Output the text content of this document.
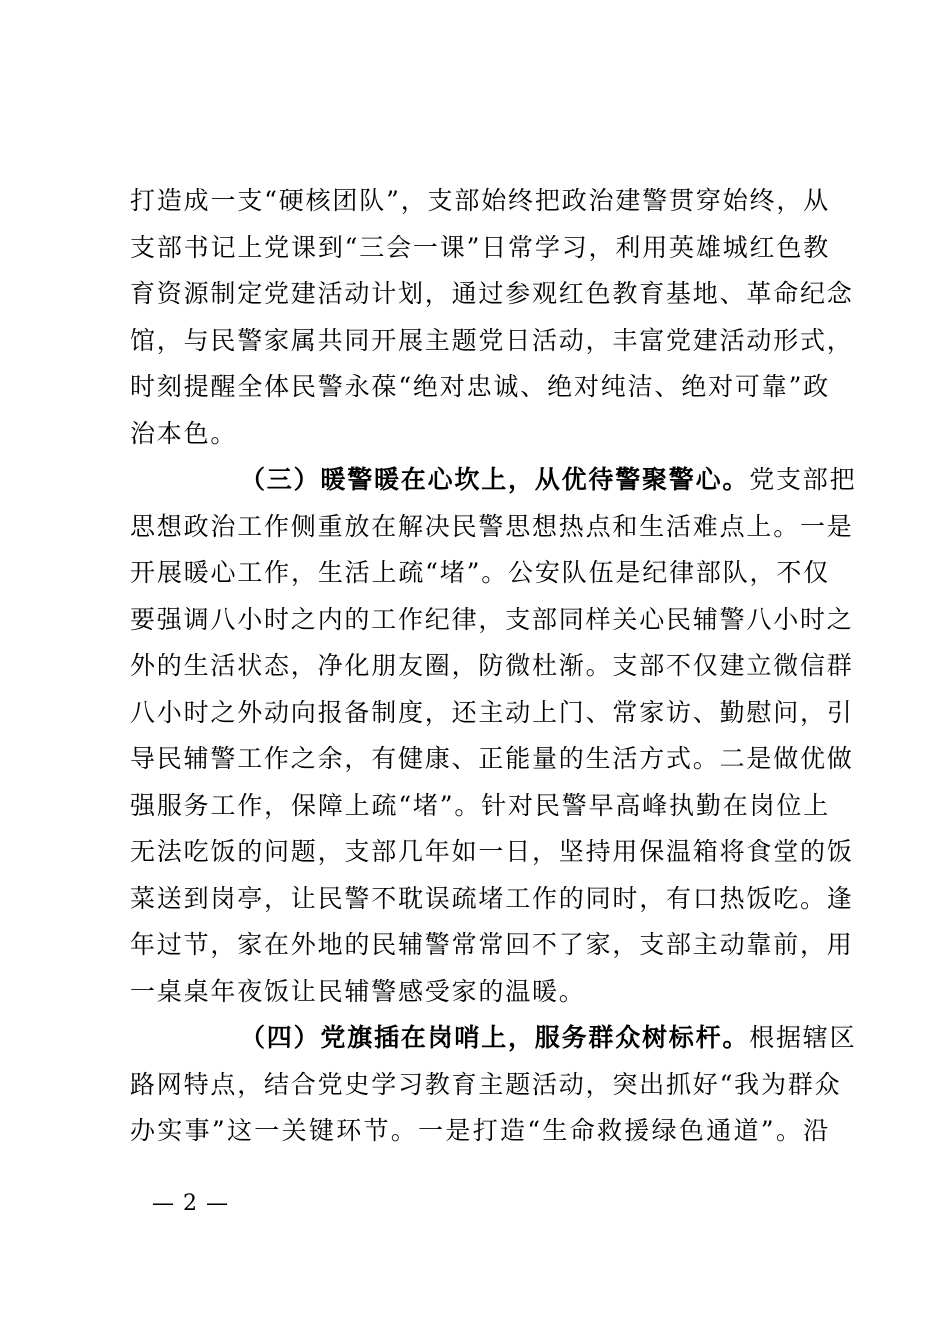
打造成一支“硬核团队”，支部始终把政治建警贯穿始终，从
支部书记上党课到“三会一课”日常学习，利用英雄城红色教
育资源制定党建活动计划，通过参观红色教育基地、革命纪念
馆，与民警家属共同开展主题党日活动，丰富党建活动形式，
时刻提醒全体民警永葆“绝对忠诚、绝对纯洁、绝对可靠”政
治本色。
（三）暖警暖在心坎上，从优待警聚警心。党支部把
思想政治工作侧重放在解决民警思想热点和生活难点上。一是
开展暖心工作，生活上疏“堵”。公安队伍是纪律部队，不仅
要强调八小时之内的工作纪律，支部同样关心民辅警八小时之
外的生活状态，净化朋友圈，防微杜渐。支部不仅建立微信群
八小时之外动向报备制度，还主动上门、常家访、勤慰问，引
导民辅警工作之余，有健康、正能量的生活方式。二是做优做
强服务工作，保障上疏“堵”。针对民警早高峰执勤在岗位上
无法吃饭的问题，支部几年如一日，坚持用保温箱将食堂的饭
菜送到岗亭，让民警不耽误疏堵工作的同时，有口热饭吃。逢
年过节，家在外地的民辅警常常回不了家，支部主动靠前，用
一桌桌年夜饭让民辅警感受家的温暖。
（四）党旗插在岗哨上，服务群众树标杆。根据辖区
路网特点，结合党史学习教育主题活动，突出抓好“我为群众
办实事”这一关键环节。一是打造“生命救援绿色通道”。沿
— 2 —
